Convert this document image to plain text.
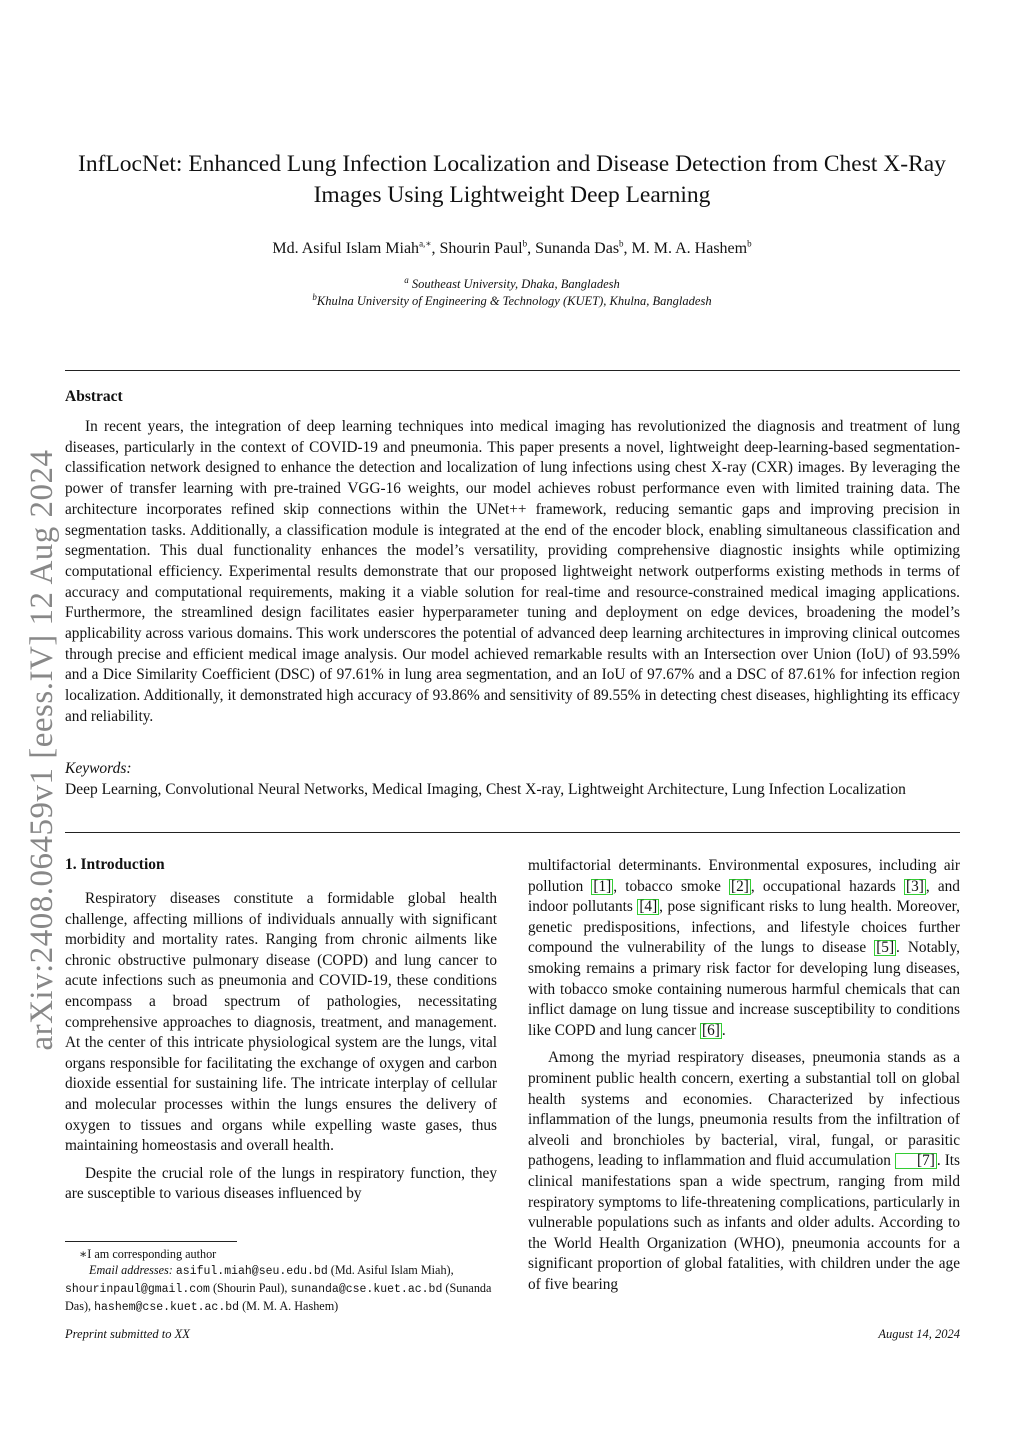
arXiv:2408.06459v1 [eess.IV] 12 Aug 2024
InfLocNet: Enhanced Lung Infection Localization and Disease Detection from Chest X-Ray Images Using Lightweight Deep Learning
Md. Asiful Islam Miah$^{a,∗}$, Shourin Paul$^b$, Sunanda Das$^b$, M. M. A. Hashem$^b$
$^a$ Southeast University, Dhaka, Bangladesh
$^b$Khulna University of Engineering & Technology (KUET), Khulna, Bangladesh
Abstract
In recent years, the integration of deep learning techniques into medical imaging has revolutionized the diagnosis and treatment of lung diseases, particularly in the context of COVID-19 and pneumonia. This paper presents a novel, lightweight deep-learning-based segmentation-classification network designed to enhance the detection and localization of lung infections using chest X-ray (CXR) images. By leveraging the power of transfer learning with pre-trained VGG-16 weights, our model achieves robust performance even with limited training data. The architecture incorporates refined skip connections within the UNet++ framework, reducing semantic gaps and improving precision in segmentation tasks. Additionally, a classification module is integrated at the end of the encoder block, enabling simultaneous classification and segmentation. This dual functionality enhances the model’s versatility, providing comprehensive diagnostic insights while optimizing computational efficiency. Experimental results demonstrate that our proposed lightweight network outperforms existing methods in terms of accuracy and computational requirements, making it a viable solution for real-time and resource-constrained medical imaging applications. Furthermore, the streamlined design facilitates easier hyperparameter tuning and deployment on edge devices, broadening the model’s applicability across various domains. This work underscores the potential of advanced deep learning architectures in improving clinical outcomes through precise and efficient medical image analysis. Our model achieved remarkable results with an Intersection over Union (IoU) of 93.59% and a Dice Similarity Coefficient (DSC) of 97.61% in lung area segmentation, and an IoU of 97.67% and a DSC of 87.61% for infection region localization. Additionally, it demonstrated high accuracy of 93.86% and sensitivity of 89.55% in detecting chest diseases, highlighting its efficacy and reliability.
Keywords:
Deep Learning, Convolutional Neural Networks, Medical Imaging, Chest X-ray, Lightweight Architecture, Lung Infection Localization
1. Introduction

Respiratory diseases constitute a formidable global health challenge, affecting millions of individuals annually with significant morbidity and mortality rates. Ranging from chronic ailments like chronic obstructive pulmonary disease (COPD) and lung cancer to acute infections such as pneumonia and COVID-19, these conditions encompass a broad spectrum of pathologies, necessitating comprehensive approaches to diagnosis, treatment, and management. At the center of this intricate physiological system are the lungs, vital organs responsible for facilitating the exchange of oxygen and carbon dioxide essential for sustaining life. The intricate interplay of cellular and molecular processes within the lungs ensures the delivery of oxygen to tissues and organs while expelling waste gases, thus maintaining homeostasis and overall health.

Despite the crucial role of the lungs in respiratory function, they are susceptible to various diseases influenced by

multifactorial determinants. Environmental exposures, including air pollution [1] , tobacco smoke [2] , occupational hazards [3] , and indoor pollutants [4] , pose significant risks to lung health. Moreover, genetic predispositions, infections, and lifestyle choices further compound the vulnerability of the lungs to disease [5] . Notably, smoking remains a primary risk factor for developing lung diseases, with tobacco smoke containing numerous harmful chemicals that can inflict damage on lung tissue and increase susceptibility to conditions like COPD and lung cancer [6] .

Among the myriad respiratory diseases, pneumonia stands as a prominent public health concern, exerting a substantial toll on global health systems and economies. Characterized by infectious inflammation of the lungs, pneumonia results from the infiltration of alveoli and bronchioles by bacterial, viral, fungal, or parasitic pathogens, leading to inflammation and fluid accumulation [7] . Its clinical manifestations span a wide spectrum, ranging from mild respiratory symptoms to life-threatening complications, particularly in vulnerable populations such as infants and older adults. According to the World Health Organization (WHO), pneumonia accounts for a significant proportion of global fatalities, with children under the age of five bearing

∗I am corresponding author
Email addresses: asiful.miah@seu.edu.bd (Md. Asiful Islam Miah), shourinpaul@gmail.com (Shourin Paul), sunanda@cse.kuet.ac.bd (Sunanda Das), hashem@cse.kuet.ac.bd (M. M. A. Hashem)
Preprint submitted to XX	August 14, 2024
